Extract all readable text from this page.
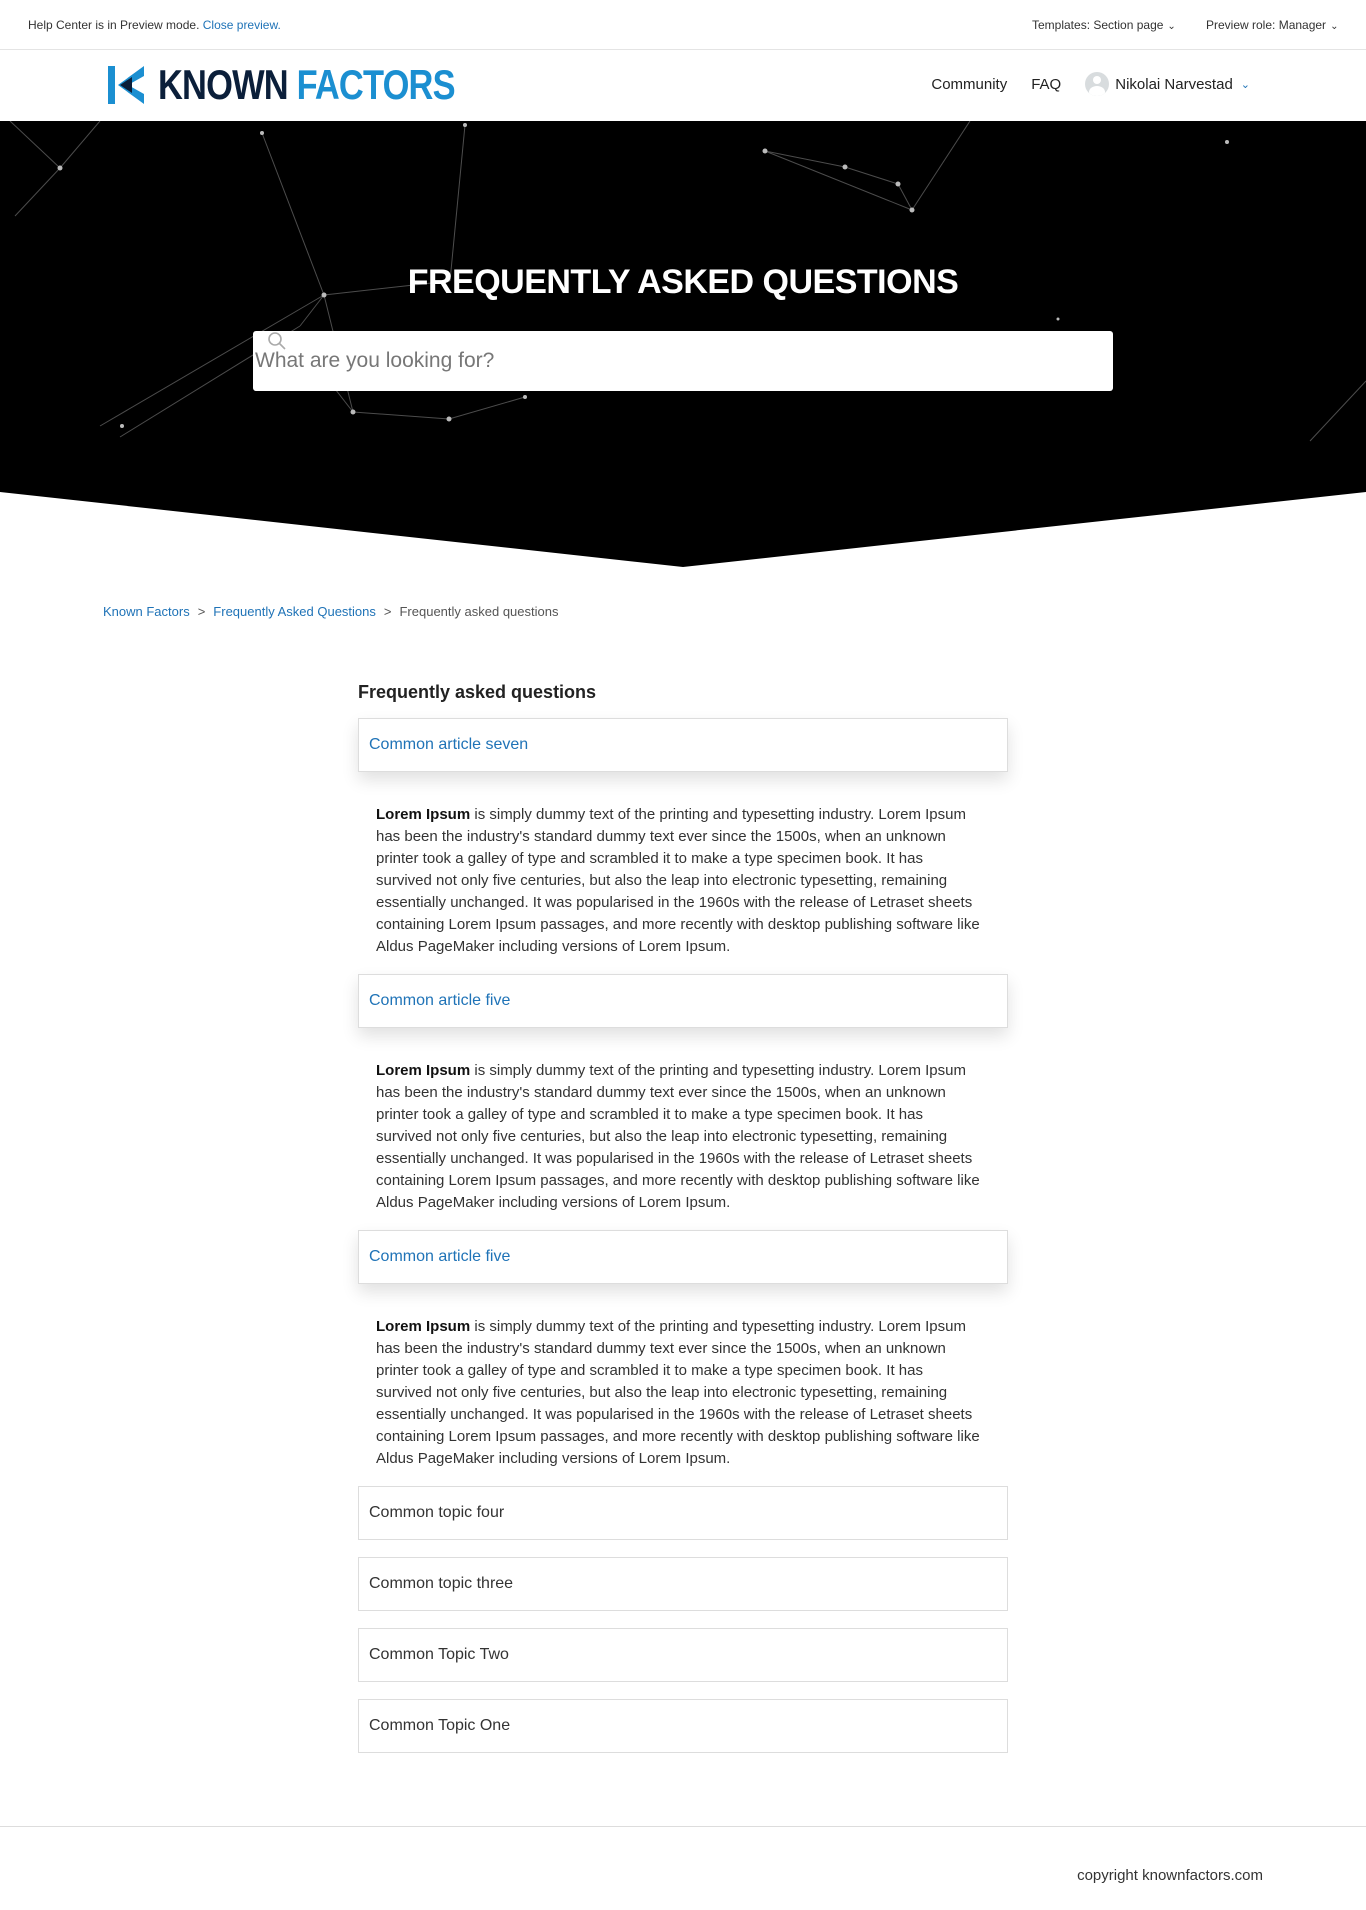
Help Center is in Preview mode. Close preview.	Templates: Section page ⌄	Preview role: Manager ⌄
KNOWN FACTORS	Community FAQ	Nikolai Narvestad ⌄
FREQUENTLY ASKED QUESTIONS
What are you looking for?
Known Factors > Frequently Asked Questions > Frequently asked questions
Frequently asked questions
Common article seven
Lorem Ipsum is simply dummy text of the printing and typesetting industry. Lorem Ipsum has been the industry's standard dummy text ever since the 1500s, when an unknown printer took a galley of type and scrambled it to make a type specimen book. It has survived not only five centuries, but also the leap into electronic typesetting, remaining essentially unchanged. It was popularised in the 1960s with the release of Letraset sheets containing Lorem Ipsum passages, and more recently with desktop publishing software like Aldus PageMaker including versions of Lorem Ipsum.
Common article five
Lorem Ipsum is simply dummy text of the printing and typesetting industry. Lorem Ipsum has been the industry's standard dummy text ever since the 1500s, when an unknown printer took a galley of type and scrambled it to make a type specimen book. It has survived not only five centuries, but also the leap into electronic typesetting, remaining essentially unchanged. It was popularised in the 1960s with the release of Letraset sheets containing Lorem Ipsum passages, and more recently with desktop publishing software like Aldus PageMaker including versions of Lorem Ipsum.
Common article five
Lorem Ipsum is simply dummy text of the printing and typesetting industry. Lorem Ipsum has been the industry's standard dummy text ever since the 1500s, when an unknown printer took a galley of type and scrambled it to make a type specimen book. It has survived not only five centuries, but also the leap into electronic typesetting, remaining essentially unchanged. It was popularised in the 1960s with the release of Letraset sheets containing Lorem Ipsum passages, and more recently with desktop publishing software like Aldus PageMaker including versions of Lorem Ipsum.
Common topic four
Common topic three
Common Topic Two
Common Topic One
copyright knownfactors.com
